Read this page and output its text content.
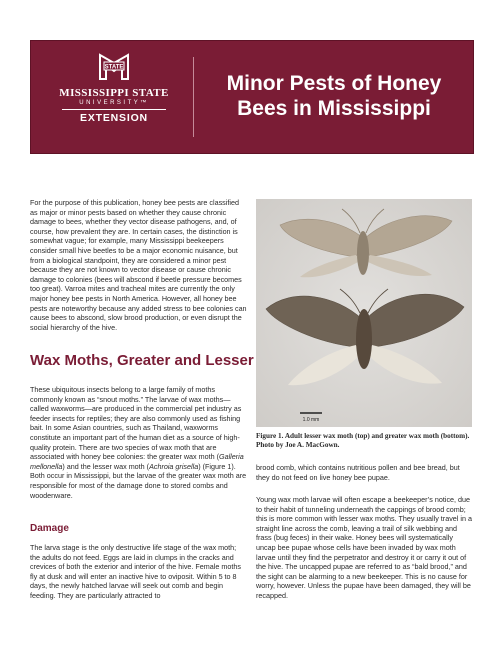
STATE
MISSISSIPPI STATE
UNIVERSITY™
EXTENSION
Minor Pests of Honey
Bees in Mississippi

For the purpose of this publication, honey bee pests are classified as major or minor pests based on whether they cause chronic damage to bees, whether they vector disease pathogens, and, of course, how prevalent they are. In certain cases, the distinction is somewhat vague; for example, many Mississippi beekeepers consider small hive beetles to be a major economic nuisance, but from a biological standpoint, they are considered a minor pest because they are not known to vector disease or cause chronic damage to colonies (bees will abscond if beetle pressure becomes too great). Varroa mites and tracheal mites are currently the only major honey bee pests in North America. However, all honey bee pests are noteworthy because any added stress to bee colonies can cause bees to abscond, slow brood production, or even disrupt the social hierarchy of the hive.

Wax Moths, Greater and Lesser

These ubiquitous insects belong to a large family of moths commonly known as “snout moths.” The larvae of wax moths—called waxworms—are produced in the commercial pet industry as feeder insects for reptiles; they are also commonly used as fishing bait. In some Asian countries, such as Thailand, waxworms constitute an important part of the human diet as a source of high-quality protein. There are two species of wax moth that are associated with honey bee colonies: the greater wax moth (Galleria mellonella) and the lesser wax moth (Achroia grisella) (Figure 1). Both occur in Mississippi, but the larvae of the greater wax moth are responsible for most of the damage done to stored combs and woodenware.

Damage

The larva stage is the only destructive life stage of the wax moth; the adults do not feed. Eggs are laid in clumps in the cracks and crevices of both the exterior and interior of the hive. Female moths fly at dusk and will enter an inactive hive to oviposit. Within 5 to 8 days, the newly hatched larvae will seek out comb and begin feeding. They are particularly attracted to

1.0 mm

Figure 1. Adult lesser wax moth (top) and greater wax moth (bottom). Photo by Joe A. MacGown.

brood comb, which contains nutritious pollen and bee bread, but they do not feed on live honey bee pupae.

Young wax moth larvae will often escape a beekeeper’s notice, due to their habit of tunneling underneath the cappings of brood comb; this is more common with lesser wax moths. They usually travel in a straight line across the comb, leaving a trail of silk webbing and frass (bug feces) in their wake. Honey bees will systematically uncap bee pupae whose cells have been invaded by wax moth larvae until they find the perpetrator and destroy it or carry it out of the hive. The uncapped pupae are referred to as “bald brood,” and the sight can be alarming to a new beekeeper. This is no cause for worry, however. Unless the pupae have been damaged, they will be recapped.
